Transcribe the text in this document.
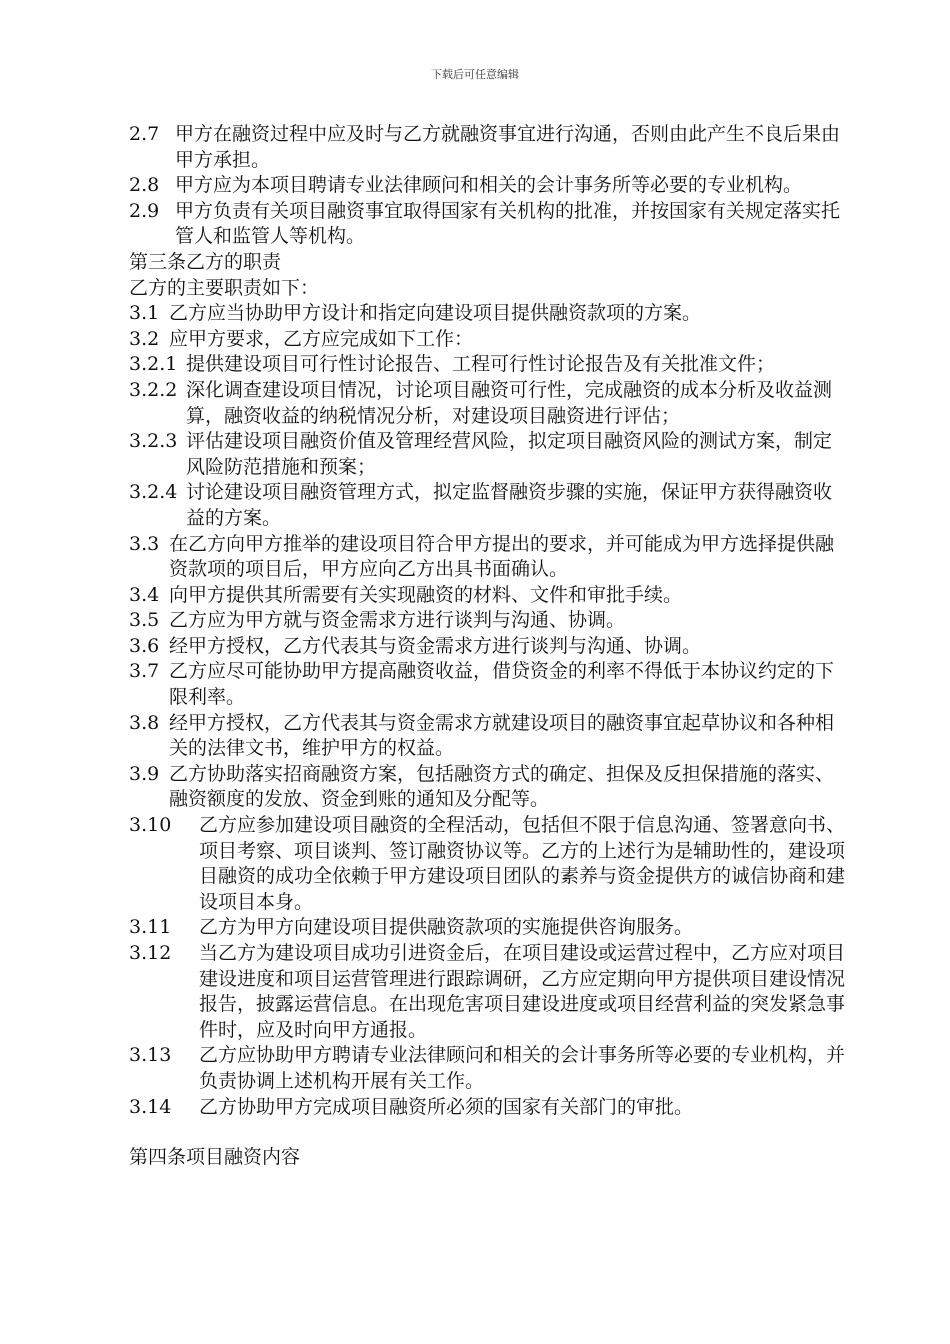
下载后可任意编辑
2.7 甲方在融资过程中应及时与乙方就融资事宜进行沟通，否则由此产生不良后果由甲方承担。
2.8 甲方应为本项目聘请专业法律顾问和相关的会计事务所等必要的专业机构。
2.9 甲方负责有关项目融资事宜取得国家有关机构的批准，并按国家有关规定落实托管人和监管人等机构。
第三条乙方的职责
乙方的主要职责如下：
3.1 乙方应当协助甲方设计和指定向建设项目提供融资款项的方案。
3.2 应甲方要求，乙方应完成如下工作：
3.2.1 提供建设项目可行性讨论报告、工程可行性讨论报告及有关批准文件；
3.2.2 深化调查建设项目情况，讨论项目融资可行性，完成融资的成本分析及收益测算，融资收益的纳税情况分析，对建设项目融资进行评估；
3.2.3 评估建设项目融资价值及管理经营风险，拟定项目融资风险的测试方案，制定风险防范措施和预案；
3.2.4 讨论建设项目融资管理方式，拟定监督融资步骤的实施，保证甲方获得融资收益的方案。
3.3 在乙方向甲方推举的建设项目符合甲方提出的要求，并可能成为甲方选择提供融资款项的项目后，甲方应向乙方出具书面确认。
3.4 向甲方提供其所需要有关实现融资的材料、文件和审批手续。
3.5 乙方应为甲方就与资金需求方进行谈判与沟通、协调。
3.6 经甲方授权，乙方代表其与资金需求方进行谈判与沟通、协调。
3.7 乙方应尽可能协助甲方提高融资收益，借贷资金的利率不得低于本协议约定的下限利率。
3.8 经甲方授权，乙方代表其与资金需求方就建设项目的融资事宜起草协议和各种相关的法律文书，维护甲方的权益。
3.9 乙方协助落实招商融资方案，包括融资方式的确定、担保及反担保措施的落实、融资额度的发放、资金到账的通知及分配等。
3.10	乙方应参加建设项目融资的全程活动，包括但不限于信息沟通、签署意向书、项目考察、项目谈判、签订融资协议等。乙方的上述行为是辅助性的，建设项目融资的成功全依赖于甲方建设项目团队的素养与资金提供方的诚信协商和建设项目本身。
3.11	乙方为甲方向建设项目提供融资款项的实施提供咨询服务。
3.12	当乙方为建设项目成功引进资金后，在项目建设或运营过程中，乙方应对项目建设进度和项目运营管理进行跟踪调研，乙方应定期向甲方提供项目建设情况报告，披露运营信息。在出现危害项目建设进度或项目经营利益的突发紧急事件时，应及时向甲方通报。
3.13	乙方应协助甲方聘请专业法律顾问和相关的会计事务所等必要的专业机构，并负责协调上述机构开展有关工作。
3.14	乙方协助甲方完成项目融资所必须的国家有关部门的审批。
第四条项目融资内容
